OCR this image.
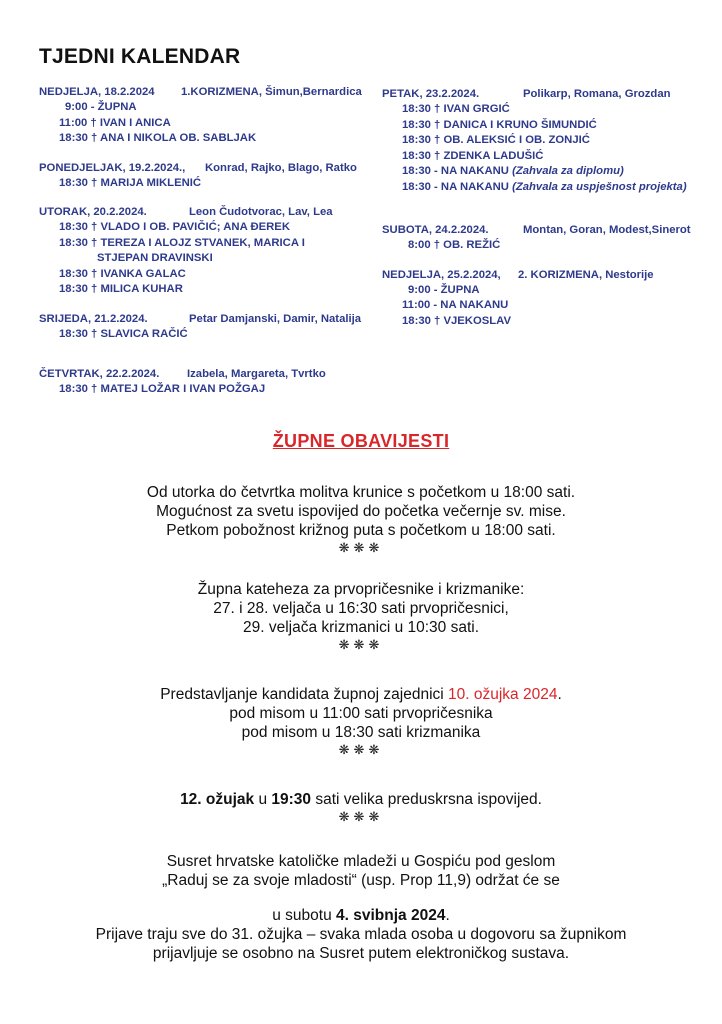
TJEDNI KALENDAR
NEDJELJA, 18.2.2024 1.KORIZMENA, Šimun,Bernardica
9:00 - ŽUPNA
11:00 † IVAN I ANICA
18:30 † ANA I NIKOLA OB. SABLJAK
PONEDJELJAK, 19.2.2024., Konrad, Rajko, Blago, Ratko
18:30 † MARIJA MIKLENIĆ
UTORAK, 20.2.2024.	Leon Čudotvorac, Lav, Lea
18:30 † VLADO I OB. PAVIČIĆ; ANA ĐEREK
18:30 † TEREZA I ALOJZ STVANEK, MARICA I
STJEPAN DRAVINSKI
18:30 † IVANKA GALAC
18:30 † MILICA KUHAR
SRIJEDA, 21.2.2024.	Petar Damjanski, Damir, Natalija
18:30 † SLAVICA RAČIĆ
ČETVRTAK, 22.2.2024. Izabela, Margareta, Tvrtko
18:30 † MATEJ LOŽAR I IVAN POŽGAJ
PETAK, 23.2.2024.	Polikarp, Romana, Grozdan
18:30 † IVAN GRGIĆ
18:30 † DANICA I KRUNO ŠIMUNDIĆ
18:30 † OB. ALEKSIĆ I OB. ZONJIĆ
18:30 † ZDENKA LADUŠIĆ
18:30 - NA NAKANU (Zahvala za diplomu)
18:30 - NA NAKANU (Zahvala za uspješnost projekta)
SUBOTA, 24.2.2024.	Montan, Goran, Modest,Sinerot
8:00 † OB. REŽIĆ
NEDJELJA, 25.2.2024, 2. KORIZMENA, Nestorije
9:00 - ŽUPNA
11:00 - NA NAKANU
18:30 † VJEKOSLAV
ŽUPNE OBAVIJESTI
Od utorka do četvrtka molitva krunice s početkom u 18:00 sati.
Mogućnost za svetu ispovijed do početka večernje sv. mise.
Petkom pobožnost križnog puta s početkom u 18:00 sati.
❋❋❋
Župna kateheza za prvopričesnike i krizmanike:
27. i 28. veljača u 16:30 sati prvopričesnici,
29. veljača krizmanici u 10:30 sati.
❋❋❋
Predstavljanje kandidata župnoj zajednici 10. ožujka 2024.
pod misom u 11:00 sati prvopričesnika
pod misom u 18:30 sati krizmanika
❋❋❋
12. ožujak u 19:30 sati velika preduskrsna ispovijed.
❋❋❋
Susret hrvatske katoličke mladeži u Gospiću pod geslom
„Raduj se za svoje mladosti“ (usp. Prop 11,9) održat će se
u subotu 4. svibnja 2024.
Prijave traju sve do 31. ožujka – svaka mlada osoba u dogovoru sa župnikom
prijavljuje se osobno na Susret putem elektroničkog sustava.
